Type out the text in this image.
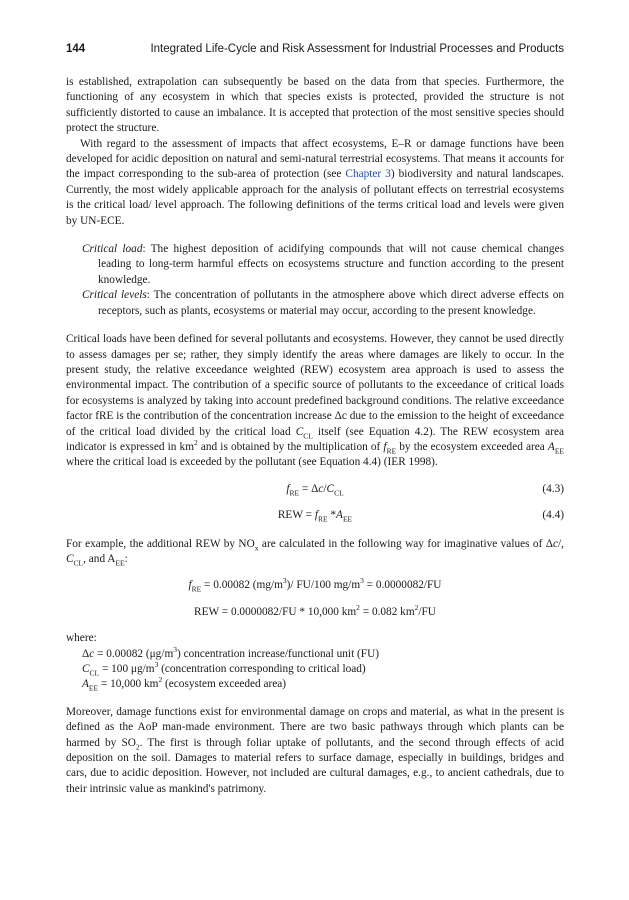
144	Integrated Life-Cycle and Risk Assessment for Industrial Processes and Products

is established, extrapolation can subsequently be based on the data from that species. Furthermore, the functioning of any ecosystem in which that species exists is protected, provided the structure is not sufficiently distorted to cause an imbalance. It is accepted that protection of the most sensitive species should protect the structure.

With regard to the assessment of impacts that affect ecosystems, E–R or damage functions have been developed for acidic deposition on natural and semi-natural terrestrial ecosystems. That means it accounts for the impact corresponding to the sub-area of protection (see Chapter 3) biodiversity and natural landscapes. Currently, the most widely applicable approach for the analysis of pollutant effects on terrestrial ecosystems is the critical load/ level approach. The following definitions of the terms critical load and levels were given by UN-ECE.

Critical load: The highest deposition of acidifying compounds that will not cause chemical changes leading to long-term harmful effects on ecosystems structure and function according to the present knowledge.

Critical levels: The concentration of pollutants in the atmosphere above which direct adverse effects on receptors, such as plants, ecosystems or material may occur, according to the present knowledge.

Critical loads have been defined for several pollutants and ecosystems. However, they cannot be used directly to assess damages per se; rather, they simply identify the areas where damages are likely to occur. In the present study, the relative exceedance weighted (REW) ecosystem area approach is used to assess the environmental impact. The contribution of a specific source of pollutants to the exceedance of critical loads for ecosystems is analyzed by taking into account predefined background conditions. The relative exceedance factor fRE is the contribution of the concentration increase Δc due to the emission to the height of exceedance of the critical load divided by the critical load $C_{CL}$ itself (see Equation 4.2). The REW ecosystem area indicator is expressed in $km^2$ and is obtained by the multiplication of $f_{RE}$ by the ecosystem exceeded area $A_{EE}$ where the critical load is exceeded by the pollutant (see Equation 4.4) (IER 1998).

$f_{RE} = \Delta c/C_{CL}$	(4.3)
REW = $f_{RE}$ $*A_{EE}$	(4.4)

For example, the additional REW by $NO_x$ are calculated in the following way for imaginative values of Δc/, $C_{CL}$, and $A_{EE}$:

$f_{RE} = 0.00082$ $(mg/m^3)/$ FU/100 $mg/m^3 = 0.0000082/FU$

REW = 0.0000082/FU * 10,000 $km^2 = 0.082$ $km^2/FU$

where:

Δc = 0.00082 $(\mu g/m^3)$ concentration increase/functional unit (FU)

$C_{CL} = 100$ $\mu g/m^3$ (concentration corresponding to critical load)

$A_{EE} = 10,000$ $km^2$ (ecosystem exceeded area)

Moreover, damage functions exist for environmental damage on crops and material, as what in the present is defined as the AoP man-made environment. There are two basic pathways through which plants can be harmed by $SO_2$. The first is through foliar uptake of pollutants, and the second through effects of acid deposition on the soil. Damages to material refers to surface damage, especially in buildings, bridges and cars, due to acidic deposition. However, not included are cultural damages, e.g., to ancient cathedrals, due to their intrinsic value as mankind's patrimony.
